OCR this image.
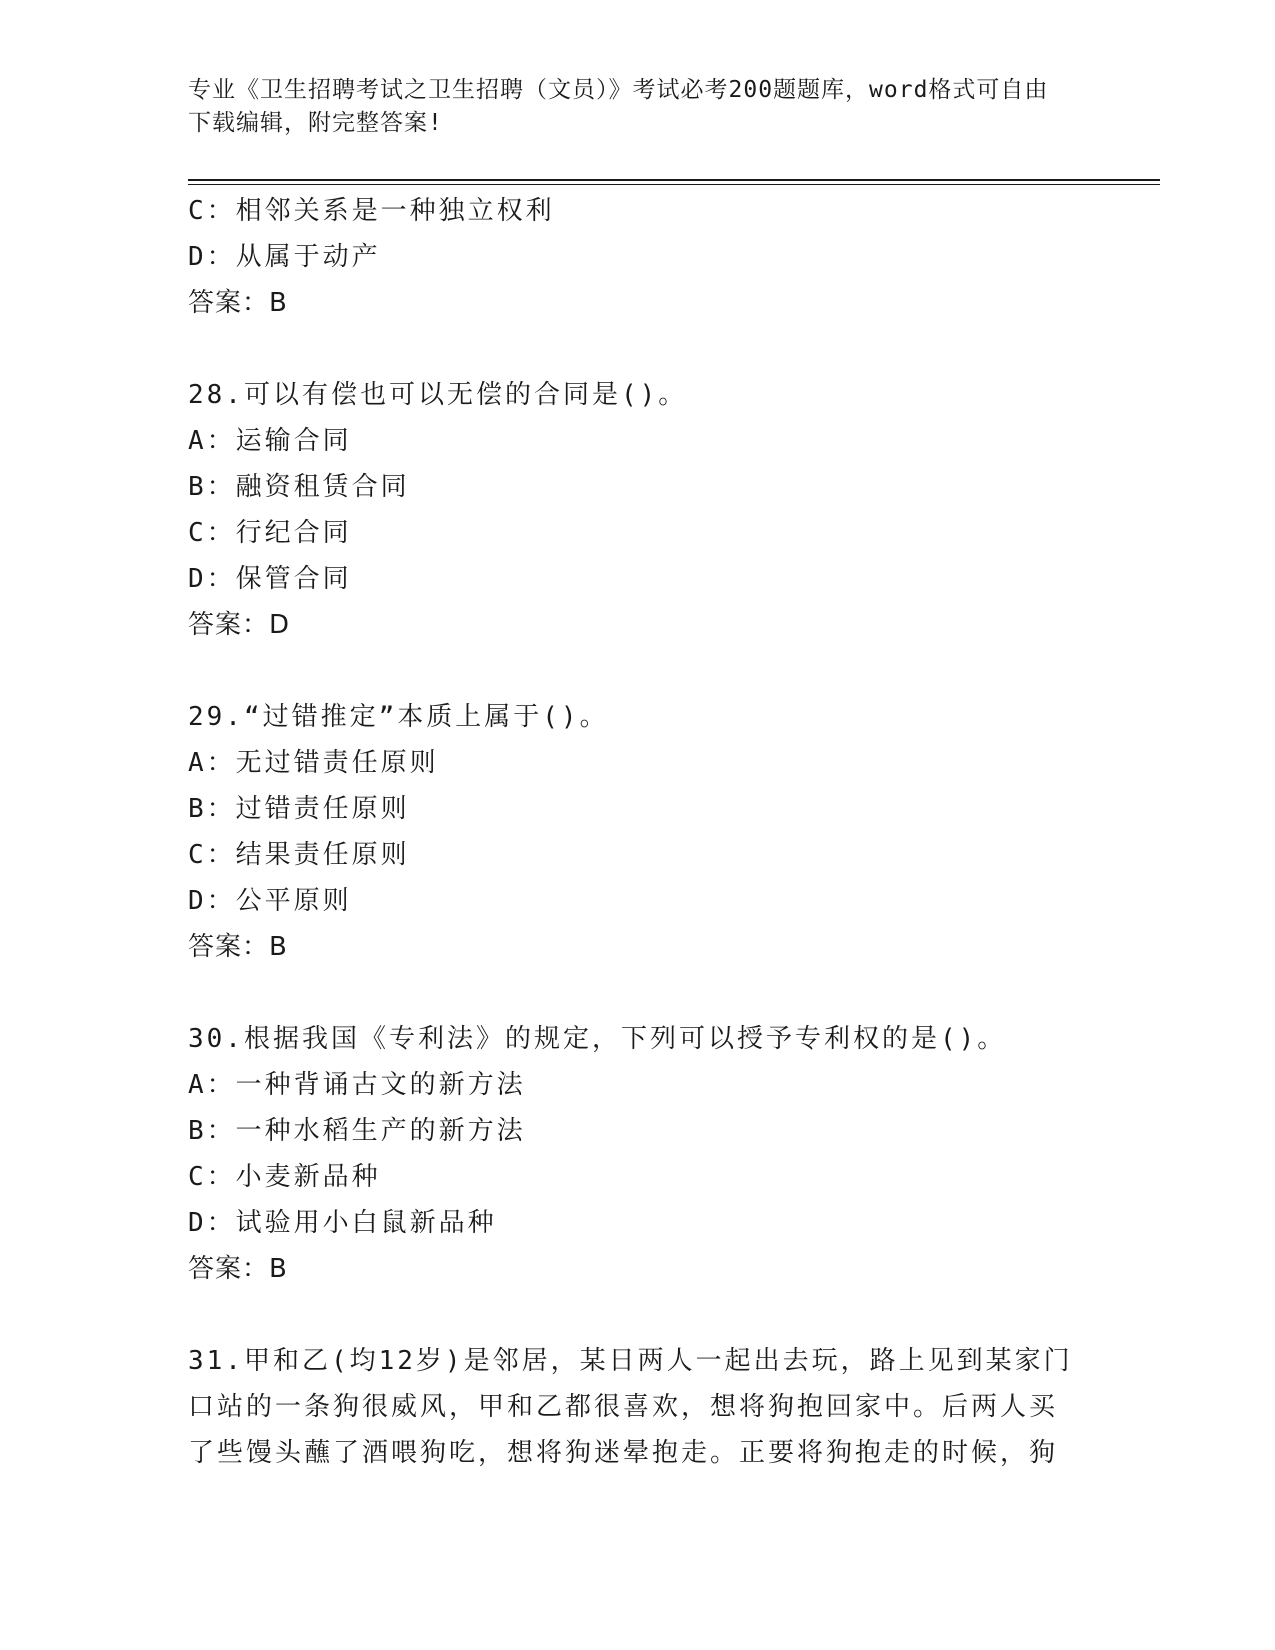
专业《卫生招聘考试之卫生招聘（文员）》考试必考200题题库，word格式可自由下载编辑，附完整答案!
C：相邻关系是一种独立权利
D：从属于动产
答案：B
28.可以有偿也可以无偿的合同是()。
A：运输合同
B：融资租赁合同
C：行纪合同
D：保管合同
答案：D
29.“过错推定”本质上属于()。
A：无过错责任原则
B：过错责任原则
C：结果责任原则
D：公平原则
答案：B
30.根据我国《专利法》的规定，下列可以授予专利权的是()。
A：一种背诵古文的新方法
B：一种水稻生产的新方法
C：小麦新品种
D：试验用小白鼠新品种
答案：B
31.甲和乙(均12岁)是邻居，某日两人一起出去玩，路上见到某家门
口站的一条狗很威风，甲和乙都很喜欢，想将狗抱回家中。后两人买
了些馒头蘸了酒喂狗吃，想将狗迷晕抱走。正要将狗抱走的时候，狗
